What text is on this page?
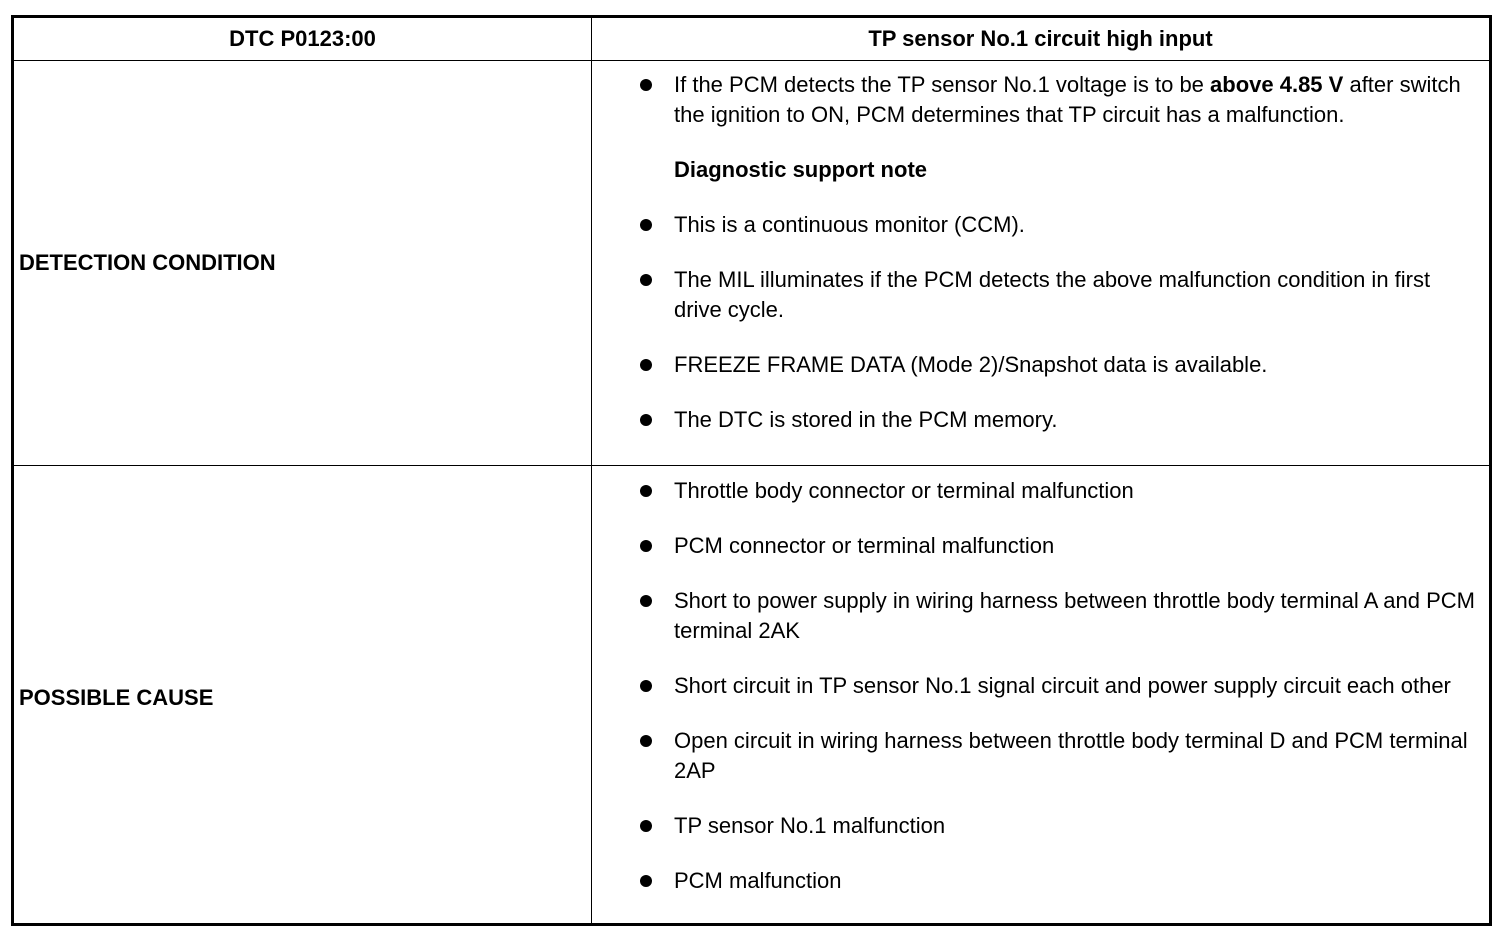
DTC P0123:00	TP sensor No.1 circuit high input
DETECTION CONDITION
POSSIBLE CAUSE
If the PCM detects the TP sensor No.1 voltage is to be above 4.85 V after switch the ignition to ON, PCM determines that TP circuit has a malfunction.
Diagnostic support note
This is a continuous monitor (CCM).
The MIL illuminates if the PCM detects the above malfunction condition in first drive cycle.
FREEZE FRAME DATA (Mode 2)/Snapshot data is available.
The DTC is stored in the PCM memory.
Throttle body connector or terminal malfunction
PCM connector or terminal malfunction
Short to power supply in wiring harness between throttle body terminal A and PCM terminal 2AK
Short circuit in TP sensor No.1 signal circuit and power supply circuit each other
Open circuit in wiring harness between throttle body terminal D and PCM terminal 2AP
TP sensor No.1 malfunction
PCM malfunction
